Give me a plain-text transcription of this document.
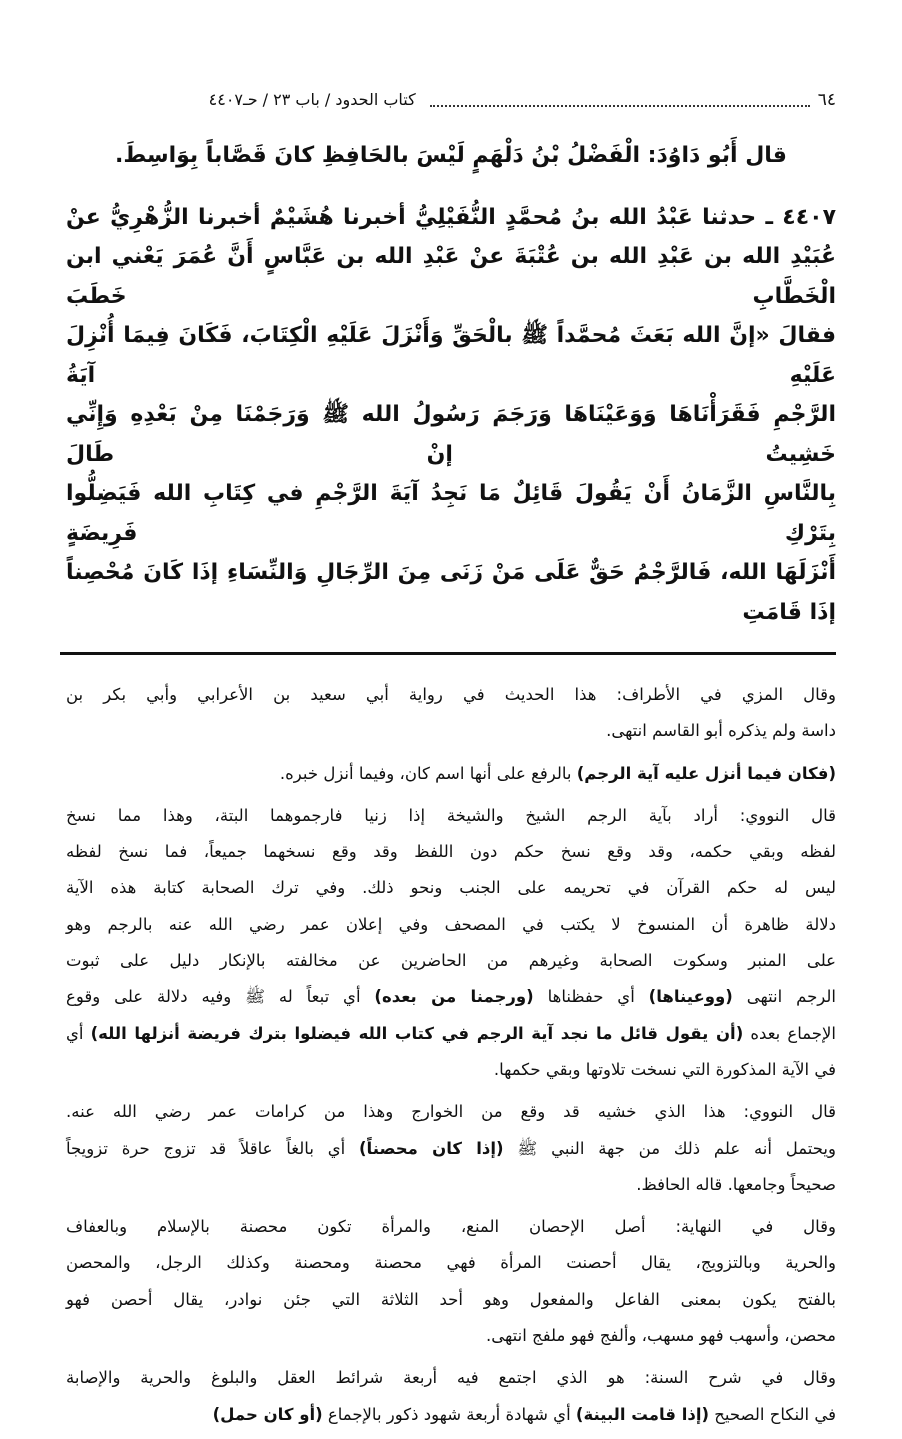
٦٤
كتاب الحدود / باب ٢٣ / حـ٤٤٠٧
قال أَبُو دَاوُدَ: الْفَضْلُ بْنُ دَلْهَمٍ لَيْسَ بالحَافِظِ كانَ قَصَّاباً بِوَاسِطَ.
٤٤٠٧ ـ حدثنا عَبْدُ الله بنُ مُحمَّدٍ النُّفَيْلِيُّ أخبرنا هُشَيْمٌ أخبرنا الزُّهْرِيُّ عنْ
عُبَيْدِ الله بن عَبْدِ الله بن عُتْبَةَ عنْ عَبْدِ الله بن عَبَّاسٍ أَنَّ عُمَرَ يَعْني ابن الْخَطَّابِ خَطَبَ
فقالَ «إنَّ الله بَعَثَ مُحمَّداً ﷺ بالْحَقِّ وَأَنْزَلَ عَلَيْهِ الْكِتَابَ، فَكَانَ فِيمَا أُنْزِلَ عَلَيْهِ آيَةُ
الرَّجْمِ فَقَرَأْنَاهَا وَوَعَيْنَاهَا وَرَجَمَ رَسُولُ الله ﷺ وَرَجَمْنَا مِنْ بَعْدِهِ وَإِنِّي خَشِيتُ إنْ طَالَ
بِالنَّاسِ الزَّمَانُ أَنْ يَقُولَ قَائِلٌ مَا نَجِدُ آيَةَ الرَّجْمِ في كِتَابِ الله فَيَضِلُّوا بِتَرْكِ فَرِيضَةٍ
أَنْزَلَهَا الله، فَالرَّجْمُ حَقٌّ عَلَى مَنْ زَنَى مِنَ الرِّجَالِ وَالنِّسَاءِ إذَا كَانَ مُحْصِناً إذَا قَامَتِ
وقال المزي في الأطراف: هذا الحديث في رواية أبي سعيد بن الأعرابي وأبي بكر بن
داسة ولم يذكره أبو القاسم انتهى.
(فكان فيما أنزل عليه آية الرجم) بالرفع على أنها اسم كان، وفيما أنزل خبره.
قال النووي: أراد بآية الرجم الشيخ والشيخة إذا زنيا فارجموهما البتة، وهذا مما نسخ
لفظه وبقي حكمه، وقد وقع نسخ حكم دون اللفظ وقد وقع نسخهما جميعاً، فما نسخ لفظه
ليس له حكم القرآن في تحريمه على الجنب ونحو ذلك. وفي ترك الصحابة كتابة هذه الآية
دلالة ظاهرة أن المنسوخ لا يكتب في المصحف وفي إعلان عمر رضي الله عنه بالرجم وهو
على المنبر وسكوت الصحابة وغيرهم من الحاضرين عن مخالفته بالإنكار دليل على ثبوت
الرجم انتهى (ووعيناها) أي حفظناها (ورجمنا من بعده) أي تبعاً له ﷺ وفيه دلالة على وقوع
الإجماع بعده (أن يقول قائل ما نجد آية الرجم في كتاب الله فيضلوا بترك فريضة أنزلها الله) أي
في الآية المذكورة التي نسخت تلاوتها وبقي حكمها.
قال النووي: هذا الذي خشيه قد وقع من الخوارج وهذا من كرامات عمر رضي الله عنه.
ويحتمل أنه علم ذلك من جهة النبي ﷺ (إذا كان محصناً) أي بالغاً عاقلاً قد تزوج حرة تزويجاً
صحيحاً وجامعها. قاله الحافظ.
وقال في النهاية: أصل الإحصان المنع، والمرأة تكون محصنة بالإسلام وبالعفاف
والحرية وبالتزويج، يقال أحصنت المرأة فهي محصنة ومحصنة وكذلك الرجل، والمحصن
بالفتح يكون بمعنى الفاعل والمفعول وهو أحد الثلاثة التي جئن نوادر، يقال أحصن فهو
محصن، وأسهب فهو مسهب، وألفج فهو ملفج انتهى.
وقال في شرح السنة: هو الذي اجتمع فيه أربعة شرائط العقل والبلوغ والحرية والإصابة
في النكاح الصحيح (إذا قامت البينة) أي شهادة أربعة شهود ذكور بالإجماع (أو كان حمل)
